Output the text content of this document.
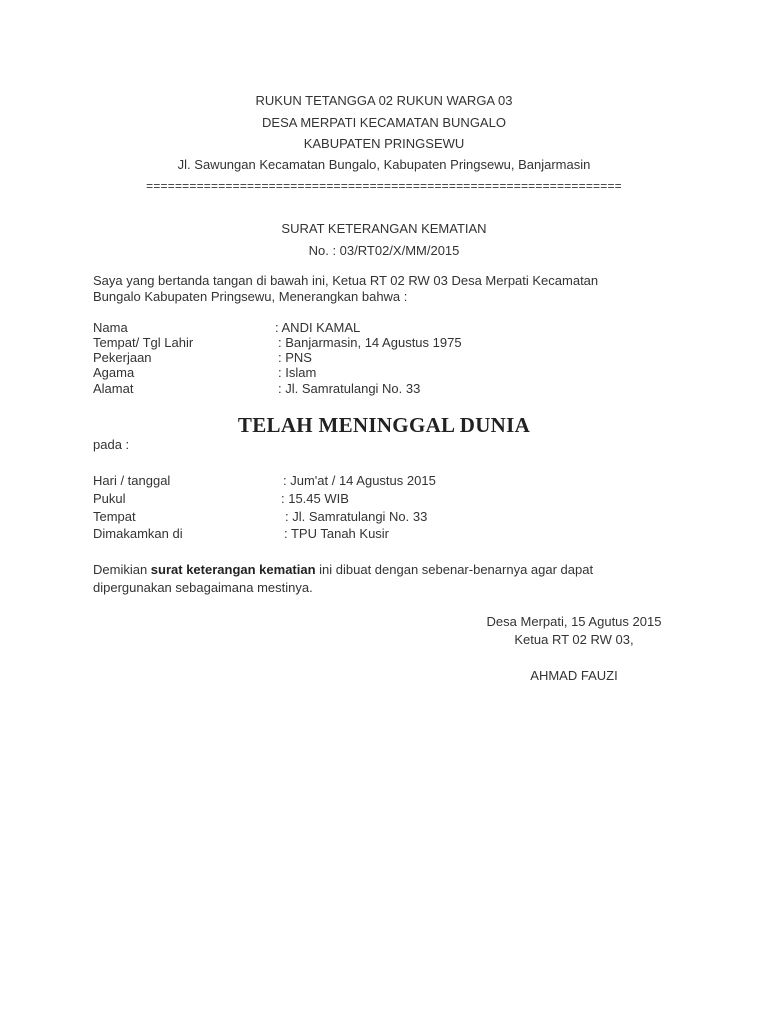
RUKUN TETANGGA 02 RUKUN WARGA 03
DESA MERPATI KECAMATAN BUNGALO
KABUPATEN PRINGSEWU
Jl. Sawungan Kecamatan Bungalo, Kabupaten Pringsewu, Banjarmasin
==================================================================
SURAT KETERANGAN KEMATIAN
No. : 03/RT02/X/MM/2015
Saya yang bertanda tangan di bawah ini, Ketua RT 02 RW 03 Desa Merpati Kecamatan
Bungalo Kabupaten Pringsewu, Menerangkan bahwa :
Nama	: ANDI KAMAL
Tempat/ Tgl Lahir	: Banjarmasin, 14 Agustus 1975
Pekerjaan	: PNS
Agama	: Islam
Alamat	: Jl. Samratulangi No. 33
TELAH MENINGGAL DUNIA
pada :
Hari / tanggal	: Jum'at / 14 Agustus 2015
Pukul	: 15.45 WIB
Tempat	: Jl. Samratulangi No. 33
Dimakamkan di	: TPU Tanah Kusir
Demikian surat keterangan kematian ini dibuat dengan sebenar-benarnya agar dapat
dipergunakan sebagaimana mestinya.
Desa Merpati, 15 Agutus 2015
Ketua RT 02 RW 03,
AHMAD FAUZI
